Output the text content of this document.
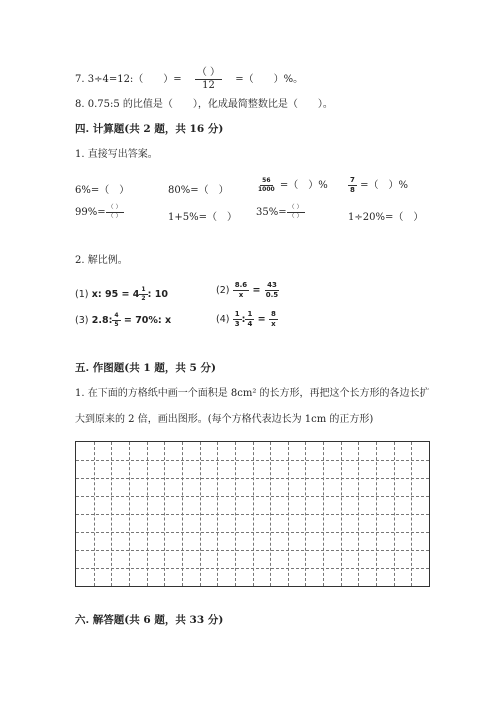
7. 3÷4=12:（　　）= $\frac{( )}{12}$ =（　　）%。
8. 0.75:5 的比值是（　　），化成最简整数比是（　　）。
四. 计算题(共 2 题，共 16 分)
1. 直接写出答案。
6%=（　）	80%=（　）	$\frac{56}{1000}$ =（　）%	$\frac{7}{8}$ =（　）%
$99\%= \frac{( )}{( )}$	1+5%=（　） $35\%= \frac{( )}{( )}$	1÷20%=（　）
2. 解比例。
(1) x: $95 = 4 \frac{1}{2}$ : 10	$(2) \frac{8.6}{x} = \frac{43}{0.5}$
(3) 2.8: $\frac{4}{5} = 70\%$: x	$(4) \frac{1}{3}$ : $\frac{1}{4} = \frac{8}{x}$
五. 作图题(共 1 题，共 5 分)
1. 在下面的方格纸中画一个面积是 8cm² 的长方形，再把这个长方形的各边长扩
大到原来的 2 倍，画出图形。(每个方格代表边长为 1cm 的正方形)
六. 解答题(共 6 题，共 33 分)
